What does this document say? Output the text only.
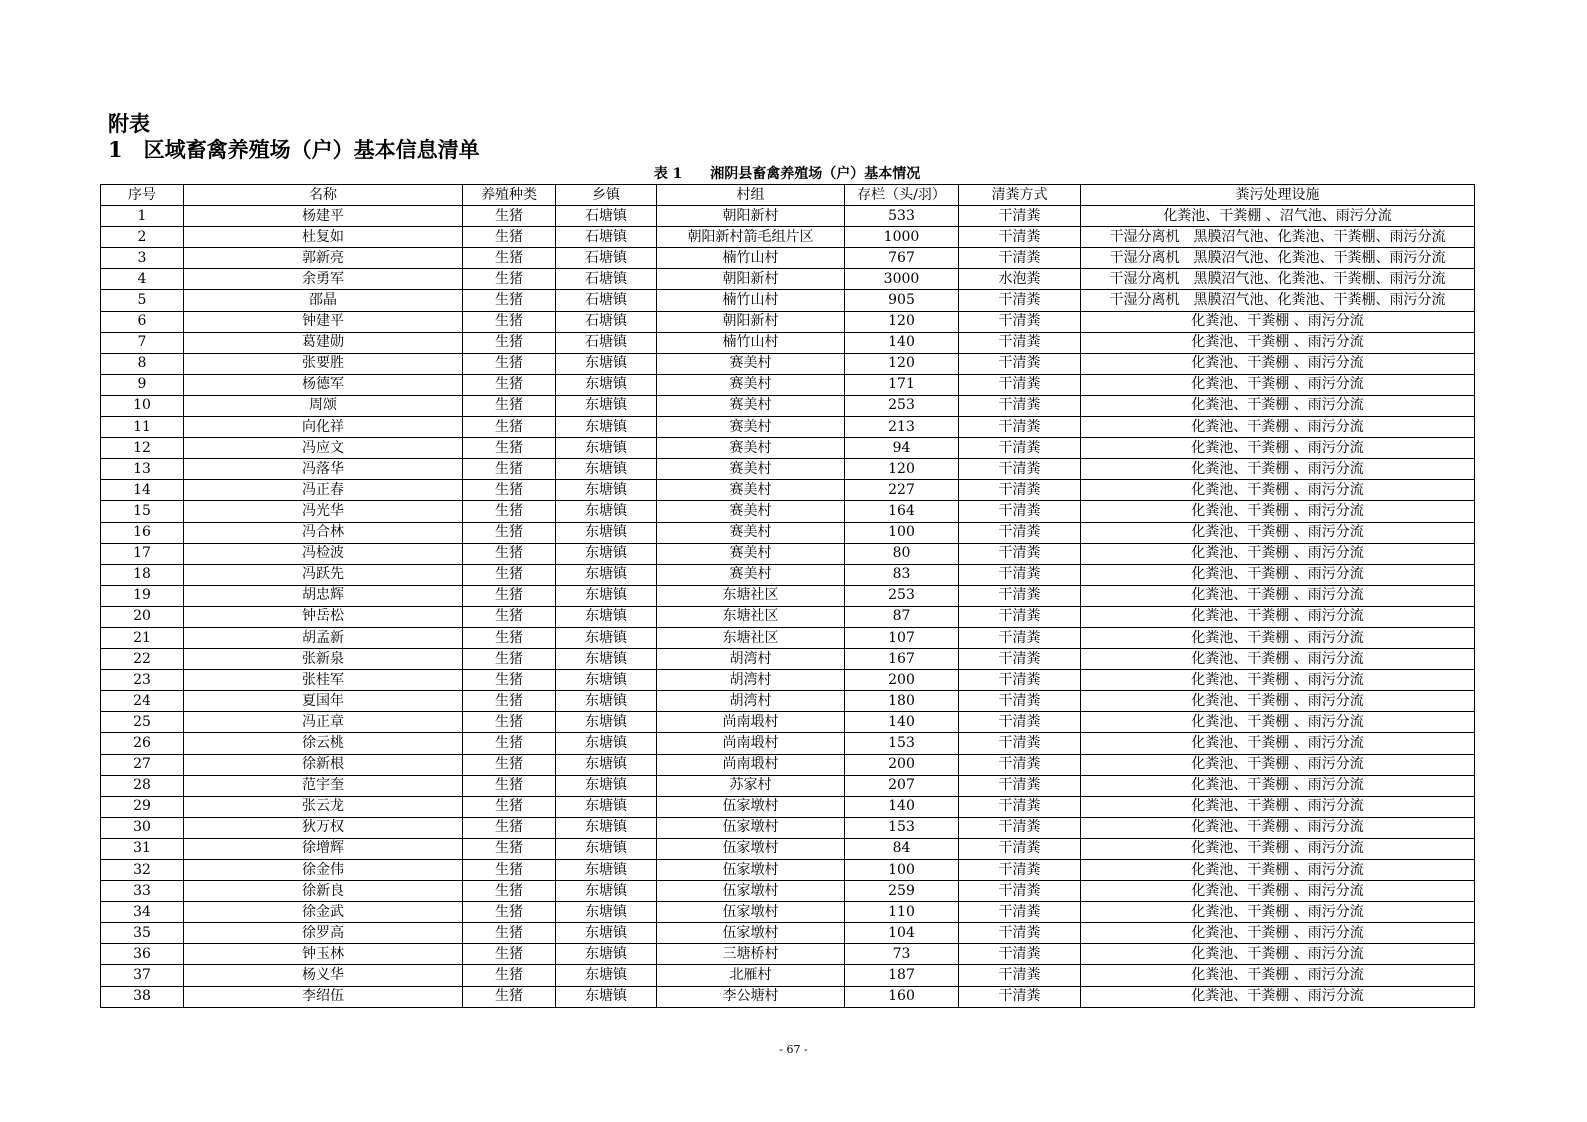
附表
1　区域畜禽养殖场（户）基本信息清单
表 1　　湘阴县畜禽养殖场（户）基本情况
序号	名称	养殖种类	乡镇	村组	存栏（头/羽）	清粪方式	粪污处理设施
1	杨建平	生猪	石塘镇	朝阳新村	533	干清粪	化粪池、干粪棚 、沼气池、雨污分流
2	杜复如	生猪	石塘镇	朝阳新村箭毛组片区	1000	干清粪	干湿分离机　黑膜沼气池、化粪池、干粪棚、雨污分流
3	郭新亮	生猪	石塘镇	楠竹山村	767	干清粪	干湿分离机　黑膜沼气池、化粪池、干粪棚、雨污分流
4	余勇军	生猪	石塘镇	朝阳新村	3000	水泡粪	干湿分离机　黑膜沼气池、化粪池、干粪棚、雨污分流
5	邵晶	生猪	石塘镇	楠竹山村	905	干清粪	干湿分离机　黑膜沼气池、化粪池、干粪棚、雨污分流
6	钟建平	生猪	石塘镇	朝阳新村	120	干清粪	化粪池、干粪棚 、雨污分流
7	葛建勋	生猪	石塘镇	楠竹山村	140	干清粪	化粪池、干粪棚 、雨污分流
8	张要胜	生猪	东塘镇	赛美村	120	干清粪	化粪池、干粪棚 、雨污分流
9	杨德军	生猪	东塘镇	赛美村	171	干清粪	化粪池、干粪棚 、雨污分流
10	周颂	生猪	东塘镇	赛美村	253	干清粪	化粪池、干粪棚 、雨污分流
11	向化祥	生猪	东塘镇	赛美村	213	干清粪	化粪池、干粪棚 、雨污分流
12	冯应文	生猪	东塘镇	赛美村	94	干清粪	化粪池、干粪棚 、雨污分流
13	冯落华	生猪	东塘镇	赛美村	120	干清粪	化粪池、干粪棚 、雨污分流
14	冯正春	生猪	东塘镇	赛美村	227	干清粪	化粪池、干粪棚 、雨污分流
15	冯光华	生猪	东塘镇	赛美村	164	干清粪	化粪池、干粪棚 、雨污分流
16	冯合林	生猪	东塘镇	赛美村	100	干清粪	化粪池、干粪棚 、雨污分流
17	冯检波	生猪	东塘镇	赛美村	80	干清粪	化粪池、干粪棚 、雨污分流
18	冯跃先	生猪	东塘镇	赛美村	83	干清粪	化粪池、干粪棚 、雨污分流
19	胡忠辉	生猪	东塘镇	东塘社区	253	干清粪	化粪池、干粪棚 、雨污分流
20	钟岳松	生猪	东塘镇	东塘社区	87	干清粪	化粪池、干粪棚 、雨污分流
21	胡孟新	生猪	东塘镇	东塘社区	107	干清粪	化粪池、干粪棚 、雨污分流
22	张新泉	生猪	东塘镇	胡湾村	167	干清粪	化粪池、干粪棚 、雨污分流
23	张桂军	生猪	东塘镇	胡湾村	200	干清粪	化粪池、干粪棚 、雨污分流
24	夏国年	生猪	东塘镇	胡湾村	180	干清粪	化粪池、干粪棚 、雨污分流
25	冯正章	生猪	东塘镇	尚南塅村	140	干清粪	化粪池、干粪棚 、雨污分流
26	徐云桃	生猪	东塘镇	尚南塅村	153	干清粪	化粪池、干粪棚 、雨污分流
27	徐新根	生猪	东塘镇	尚南塅村	200	干清粪	化粪池、干粪棚 、雨污分流
28	范宇奎	生猪	东塘镇	苏家村	207	干清粪	化粪池、干粪棚 、雨污分流
29	张云龙	生猪	东塘镇	伍家墩村	140	干清粪	化粪池、干粪棚 、雨污分流
30	狄万权	生猪	东塘镇	伍家墩村	153	干清粪	化粪池、干粪棚 、雨污分流
31	徐增辉	生猪	东塘镇	伍家墩村	84	干清粪	化粪池、干粪棚 、雨污分流
32	徐金伟	生猪	东塘镇	伍家墩村	100	干清粪	化粪池、干粪棚 、雨污分流
33	徐新良	生猪	东塘镇	伍家墩村	259	干清粪	化粪池、干粪棚 、雨污分流
34	徐金武	生猪	东塘镇	伍家墩村	110	干清粪	化粪池、干粪棚 、雨污分流
35	徐罗高	生猪	东塘镇	伍家墩村	104	干清粪	化粪池、干粪棚 、雨污分流
36	钟玉林	生猪	东塘镇	三塘桥村	73	干清粪	化粪池、干粪棚 、雨污分流
37	杨义华	生猪	东塘镇	北雁村	187	干清粪	化粪池、干粪棚 、雨污分流
38	李绍伍	生猪	东塘镇	李公塘村	160	干清粪	化粪池、干粪棚 、雨污分流
- 67 -
